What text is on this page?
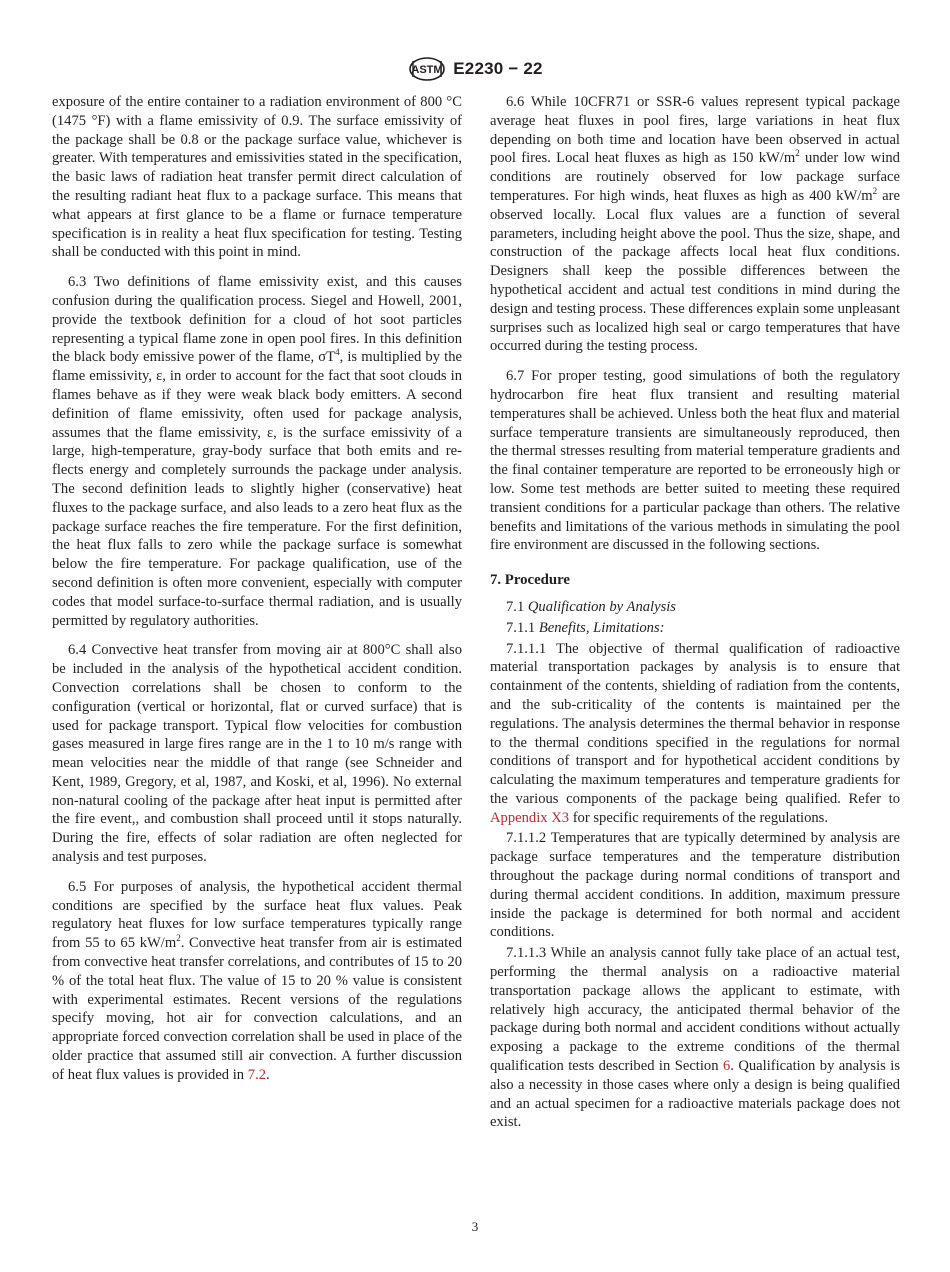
ASTM E2230 − 22

exposure of the entire container to a radiation environment of 800 °C (1475 °F) with a flame emissivity of 0.9. The surface emissivity of the package shall be 0.8 or the package surface value, whichever is greater. With temperatures and emissivities stated in the specification, the basic laws of radiation heat transfer permit direct calculation of the resulting radiant heat flux to a package surface. This means that what appears at first glance to be a flame or furnace temperature specification is in reality a heat flux specification for testing. Testing shall be conducted with this point in mind.

6.3 Two definitions of flame emissivity exist, and this causes confusion during the qualification process. Siegel and Howell, 2001, provide the textbook definition for a cloud of hot soot particles representing a typical flame zone in open pool fires. In this definition the black body emissive power of the flame, $\sigma T^4$, is multiplied by the flame emissivity, ε, in order to account for the fact that soot clouds in flames behave as if they were weak black body emitters. A second definition of flame emissivity, often used for package analysis, assumes that the flame emissivity, ε, is the surface emissivity of a large, high-temperature, gray-body surface that both emits and reflects energy and completely surrounds the package under analysis. The second definition leads to slightly higher (conservative) heat fluxes to the package surface, and also leads to a zero heat flux as the package surface reaches the fire temperature. For the first definition, the heat flux falls to zero while the package surface is somewhat below the fire temperature. For package qualification, use of the second definition is often more convenient, especially with computer codes that model surface-to-surface thermal radiation, and is usually permitted by regulatory authorities.

6.4 Convective heat transfer from moving air at 800°C shall also be included in the analysis of the hypothetical accident condition. Convection correlations shall be chosen to conform to the configuration (vertical or horizontal, flat or curved surface) that is used for package transport. Typical flow velocities for combustion gases measured in large fires range are in the 1 to 10 m/s range with mean velocities near the middle of that range (see Schneider and Kent, 1989, Gregory, et al, 1987, and Koski, et al, 1996). No external non-natural cooling of the package after heat input is permitted after the fire event,, and combustion shall proceed until it stops naturally. During the fire, effects of solar radiation are often neglected for analysis and test purposes.

6.5 For purposes of analysis, the hypothetical accident thermal conditions are specified by the surface heat flux values. Peak regulatory heat fluxes for low surface temperatures typically range from 55 to 65 $kW/m^2$. Convective heat transfer from air is estimated from convective heat transfer correlations, and contributes of 15 to 20 % of the total heat flux. The value of 15 to 20 % value is consistent with experimental estimates. Recent versions of the regulations specify moving, hot air for convection calculations, and an appropriate forced convection correlation shall be used in place of the older practice that assumed still air convection. A further discussion of heat flux values is provided in 7.2.

6.6 While 10CFR71 or SSR-6 values represent typical package average heat fluxes in pool fires, large variations in heat flux depending on both time and location have been observed in actual pool fires. Local heat fluxes as high as 150 $kW/m^2$ under low wind conditions are routinely observed for low package surface temperatures. For high winds, heat fluxes as high as 400 $kW/m^2$ are observed locally. Local flux values are a function of several parameters, including height above the pool. Thus the size, shape, and construction of the package affects local heat flux conditions. Designers shall keep the possible differences between the hypothetical accident and actual test conditions in mind during the design and testing process. These differences explain some unpleasant surprises such as localized high seal or cargo temperatures that have occurred during the testing process.

6.7 For proper testing, good simulations of both the regulatory hydrocarbon fire heat flux transient and resulting material temperatures shall be achieved. Unless both the heat flux and material surface temperature transients are simultaneously reproduced, then the thermal stresses resulting from material temperature gradients and the final container temperature are reported to be erroneously high or low. Some test methods are better suited to meeting these required transient conditions for a particular package than others. The relative benefits and limitations of the various methods in simulating the pool fire environment are discussed in the following sections.

7. Procedure

7.1 Qualification by Analysis

7.1.1 Benefits, Limitations:

7.1.1.1 The objective of thermal qualification of radioactive material transportation packages by analysis is to ensure that containment of the contents, shielding of radiation from the contents, and the sub-criticality of the contents is maintained per the regulations. The analysis determines the thermal behavior in response to the thermal conditions specified in the regulations for normal conditions of transport and for hypothetical accident conditions by calculating the maximum temperatures and temperature gradients for the various components of the package being qualified. Refer to Appendix X3 for specific requirements of the regulations.

7.1.1.2 Temperatures that are typically determined by analysis are package surface temperatures and the temperature distribution throughout the package during normal conditions of transport and during thermal accident conditions. In addition, maximum pressure inside the package is determined for both normal and accident conditions.

7.1.1.3 While an analysis cannot fully take place of an actual test, performing the thermal analysis on a radioactive material transportation package allows the applicant to estimate, with relatively high accuracy, the anticipated thermal behavior of the package during both normal and accident conditions without actually exposing a package to the extreme conditions of the thermal qualification tests described in Section 6. Qualification by analysis is also a necessity in those cases where only a design is being qualified and an actual specimen for a radioactive materials package does not exist.

3
